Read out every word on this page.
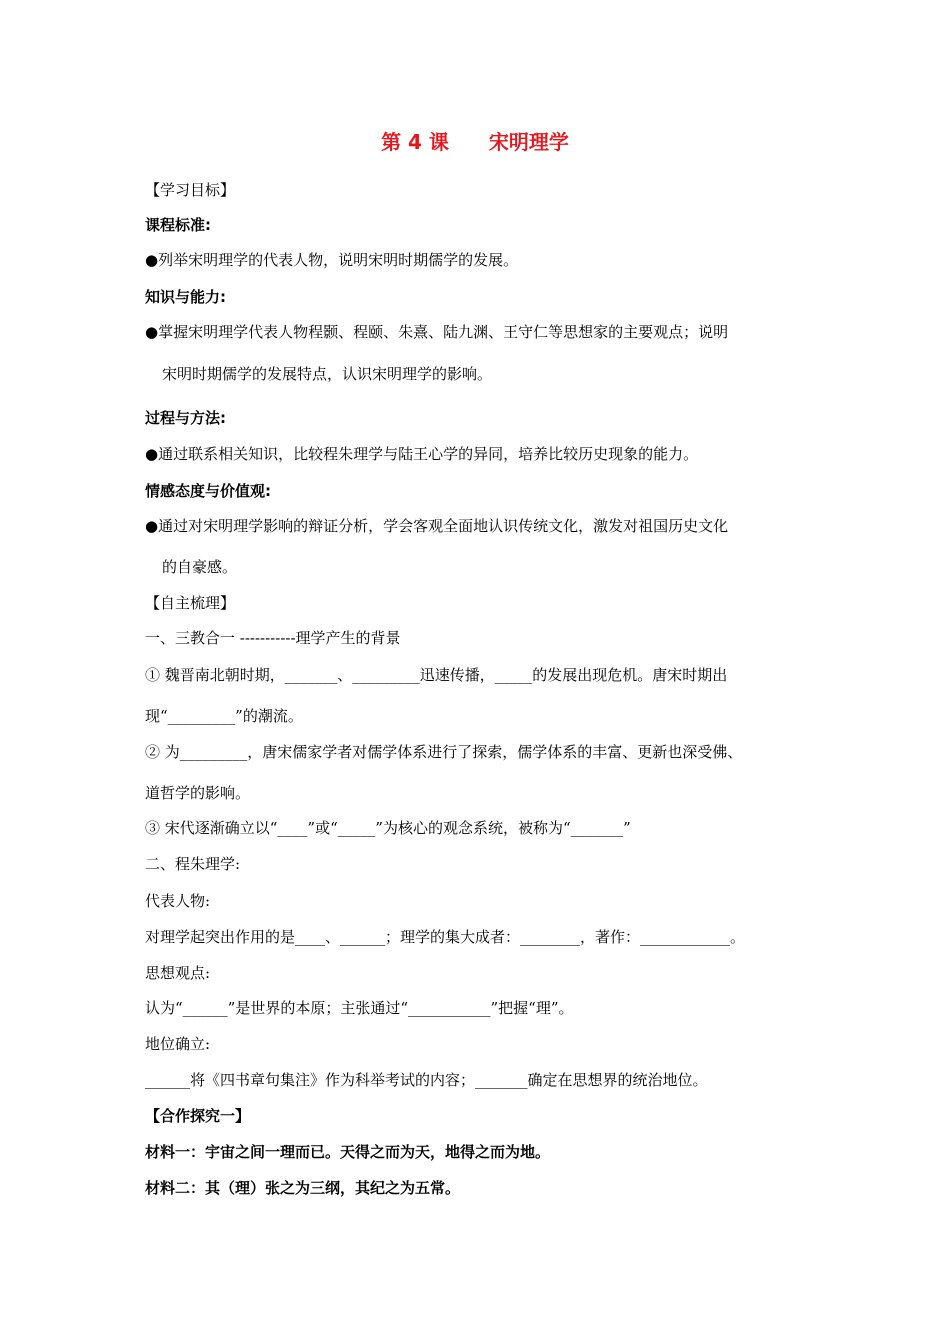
第 4 课　　宋明理学
【学习目标】
课程标准:
●列举宋明理学的代表人物，说明宋明时期儒学的发展。
知识与能力:
●掌握宋明理学代表人物程颢、程颐、朱熹、陆九渊、王守仁等思想家的主要观点；说明
宋明时期儒学的发展特点，认识宋明理学的影响。
过程与方法:
●通过联系相关知识，比较程朱理学与陆王心学的异同，培养比较历史现象的能力。
情感态度与价值观:
●通过对宋明理学影响的辩证分析，学会客观全面地认识传统文化，激发对祖国历史文化
的自豪感。
【自主梳理】
一、三教合一 -----------理学产生的背景
① 魏晋南北朝时期，_______、_________迅速传播，_____的发展出现危机。唐宋时期出
现“_________”的潮流。
② 为_________，唐宋儒家学者对儒学体系进行了探索，儒学体系的丰富、更新也深受佛、
道哲学的影响。
③ 宋代逐渐确立以“____”或“_____”为核心的观念系统，被称为“_______”
二、程朱理学:
代表人物:
对理学起突出作用的是____、______；理学的集大成者：________，著作：____________。
思想观点:
认为“______”是世界的本原；主张通过“___________”把握“理”。
地位确立:
______将《四书章句集注》作为科举考试的内容；_______确定在思想界的统治地位。
【合作探究一】
材料一：宇宙之间一理而已。天得之而为天，地得之而为地。
材料二：其（理）张之为三纲，其纪之为五常。
